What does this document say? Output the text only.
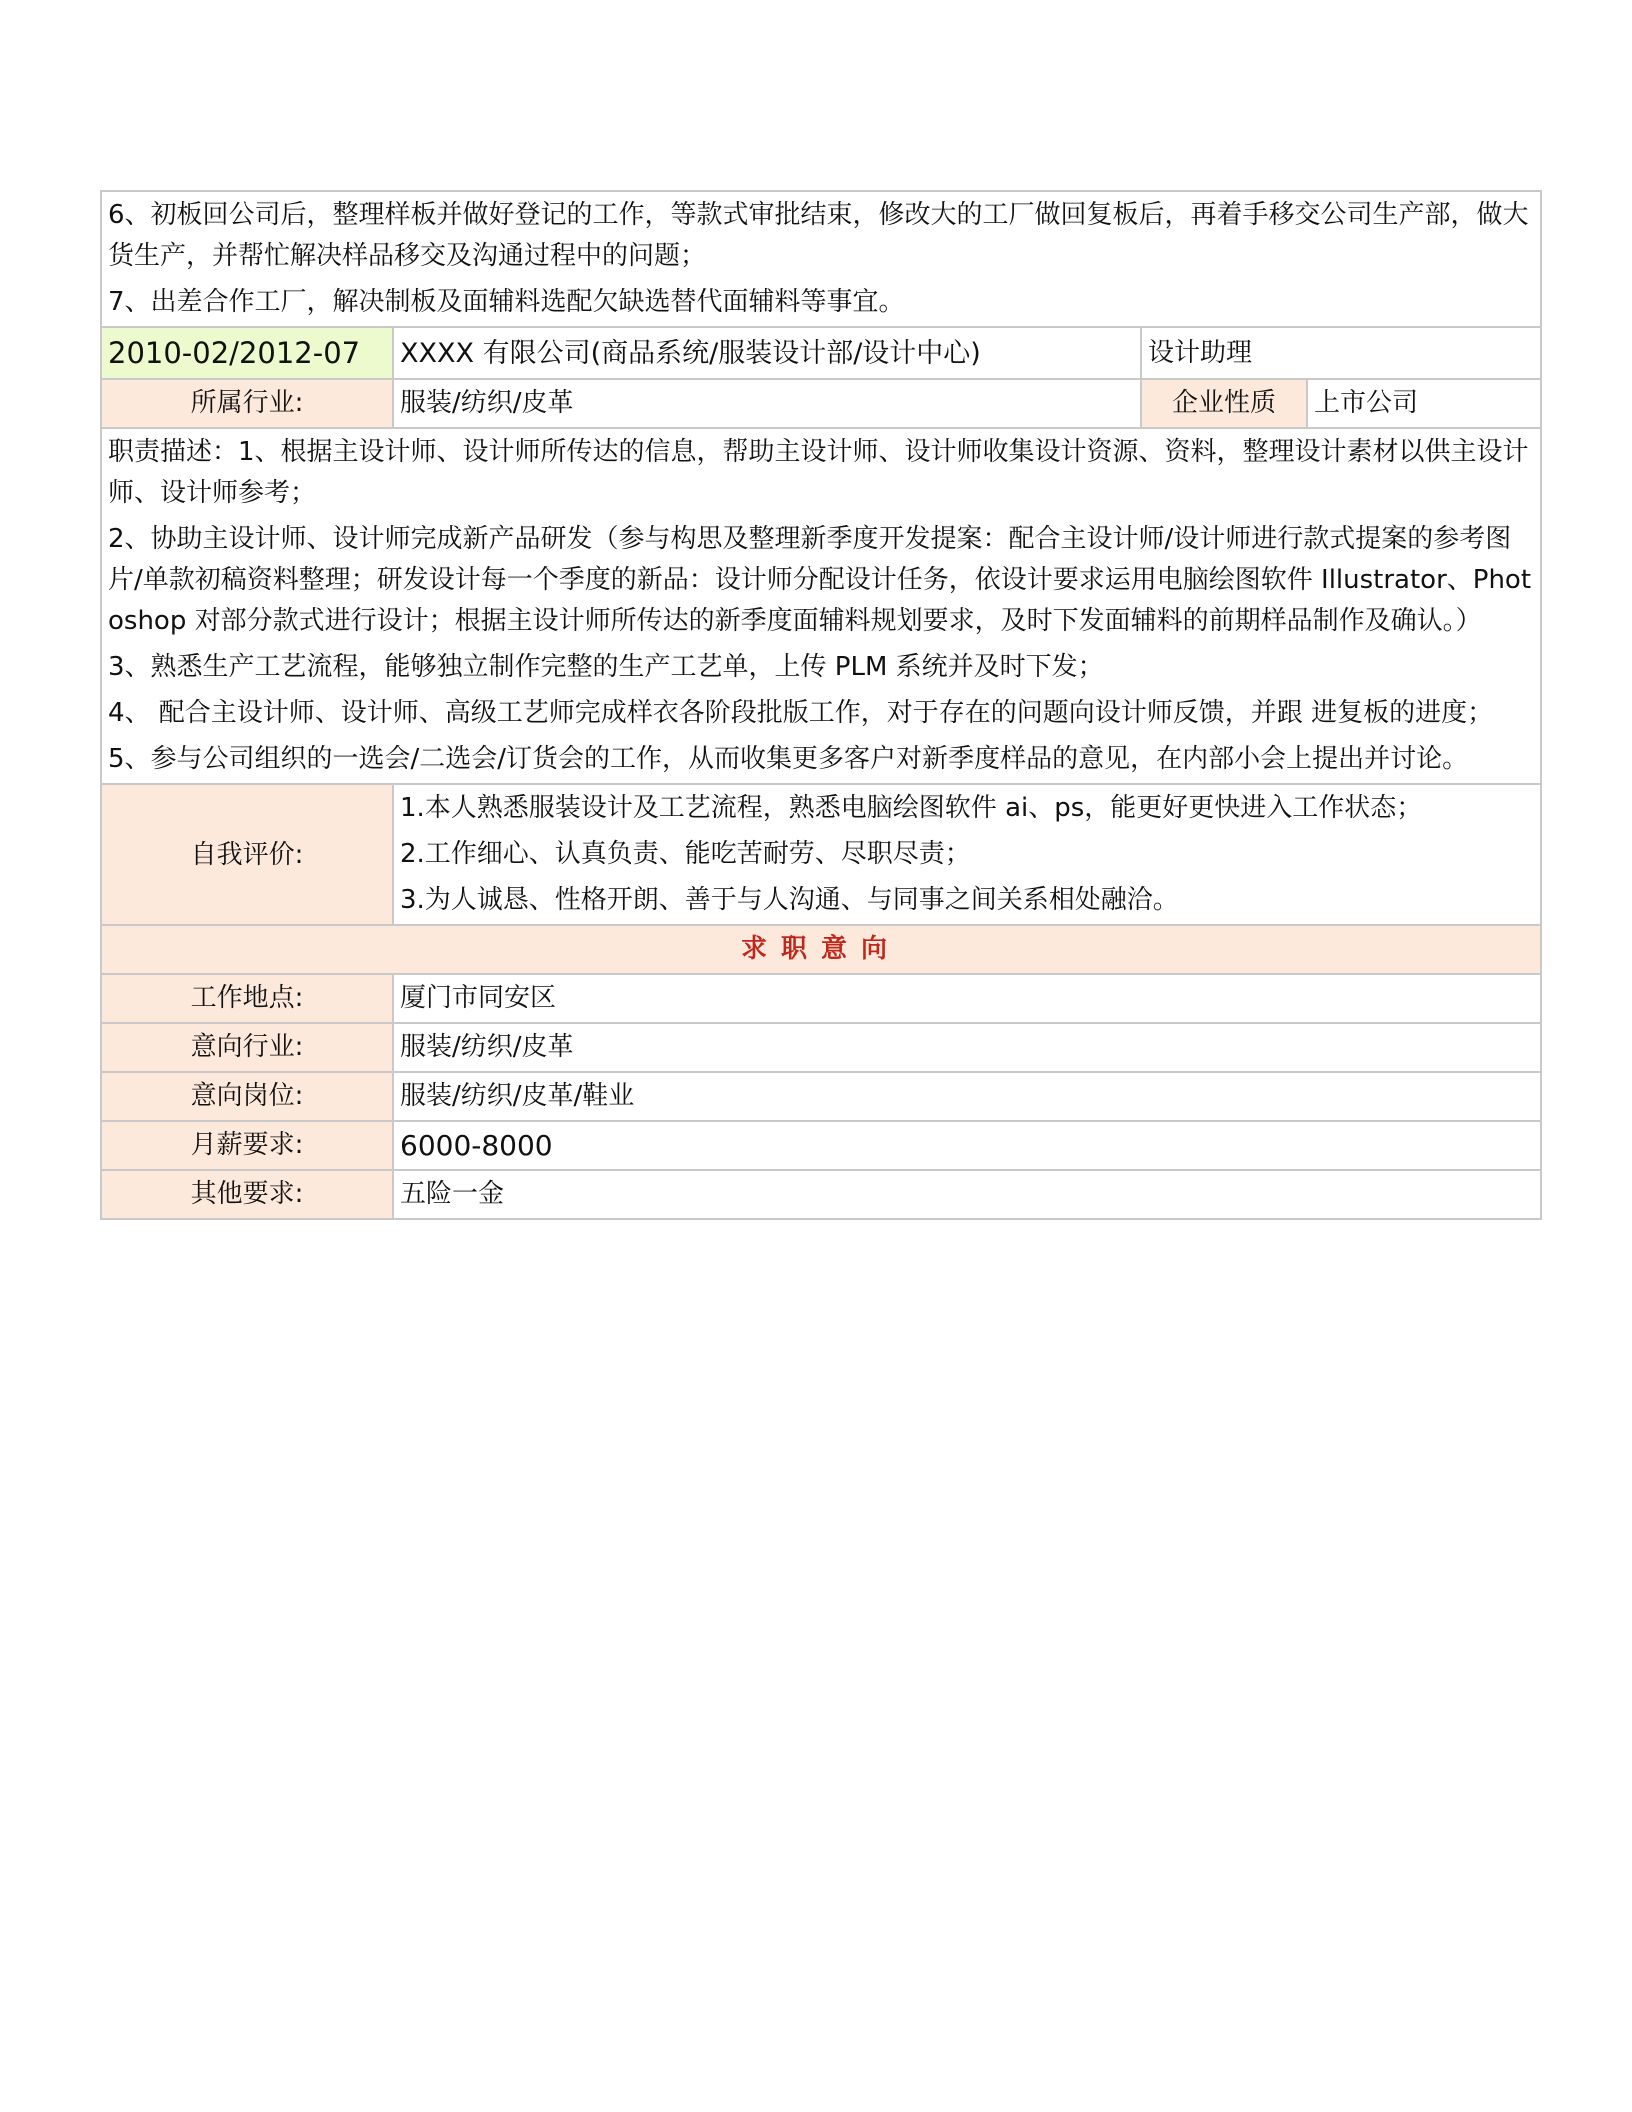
6、初板回公司后，整理样板并做好登记的工作，等款式审批结束，修改大的工厂做回复板后，再着手移交公司生产部，做大货生产，并帮忙解决样品移交及沟通过程中的问题；

7、出差合作工厂，解决制板及面辅料选配欠缺选替代面辅料等事宜。			

2010-02/2012-07	XXXX 有限公司(商品系统/服装设计部/设计中心)	设计助理	
所属行业:	服装/纺织/皮革	企业性质	上市公司

职责描述：1、根据主设计师、设计师所传达的信息，帮助主设计师、设计师收集设计资源、资料，整理设计素材以供主设计师、设计师参考；

2、协助主设计师、设计师完成新产品研发（参与构思及整理新季度开发提案：配合主设计师/设计师进行款式提案的参考图片/单款初稿资料整理；研发设计每一个季度的新品：设计师分配设计任务，依设计要求运用电脑绘图软件 Illustrator、Photoshop 对部分款式进行设计；根据主设计师所传达的新季度面辅料规划要求，及时下发面辅料的前期样品制作及确认。）

3、熟悉生产工艺流程，能够独立制作完整的生产工艺单，上传 PLM 系统并及时下发；

4、 配合主设计师、设计师、高级工艺师完成样衣各阶段批版工作，对于存在的问题向设计师反馈，并跟 进复板的进度；

5、参与公司组织的一选会/二选会/订货会的工作，从而收集更多客户对新季度样品的意见，在内部小会上提出并讨论。			

自我评价:	1.本人熟悉服装设计及工艺流程，熟悉电脑绘图软件 ai、ps，能更好更快进入工作状态；

2.工作细心、认真负责、能吃苦耐劳、尽职尽责；

3.为人诚恳、性格开朗、善于与人沟通、与同事之间关系相处融洽。		

求职意向			
工作地点:	厦门市同安区		
意向行业:	服装/纺织/皮革		
意向岗位:	服装/纺织/皮革/鞋业		
月薪要求:	6000-8000		
其他要求:	五险一金		
